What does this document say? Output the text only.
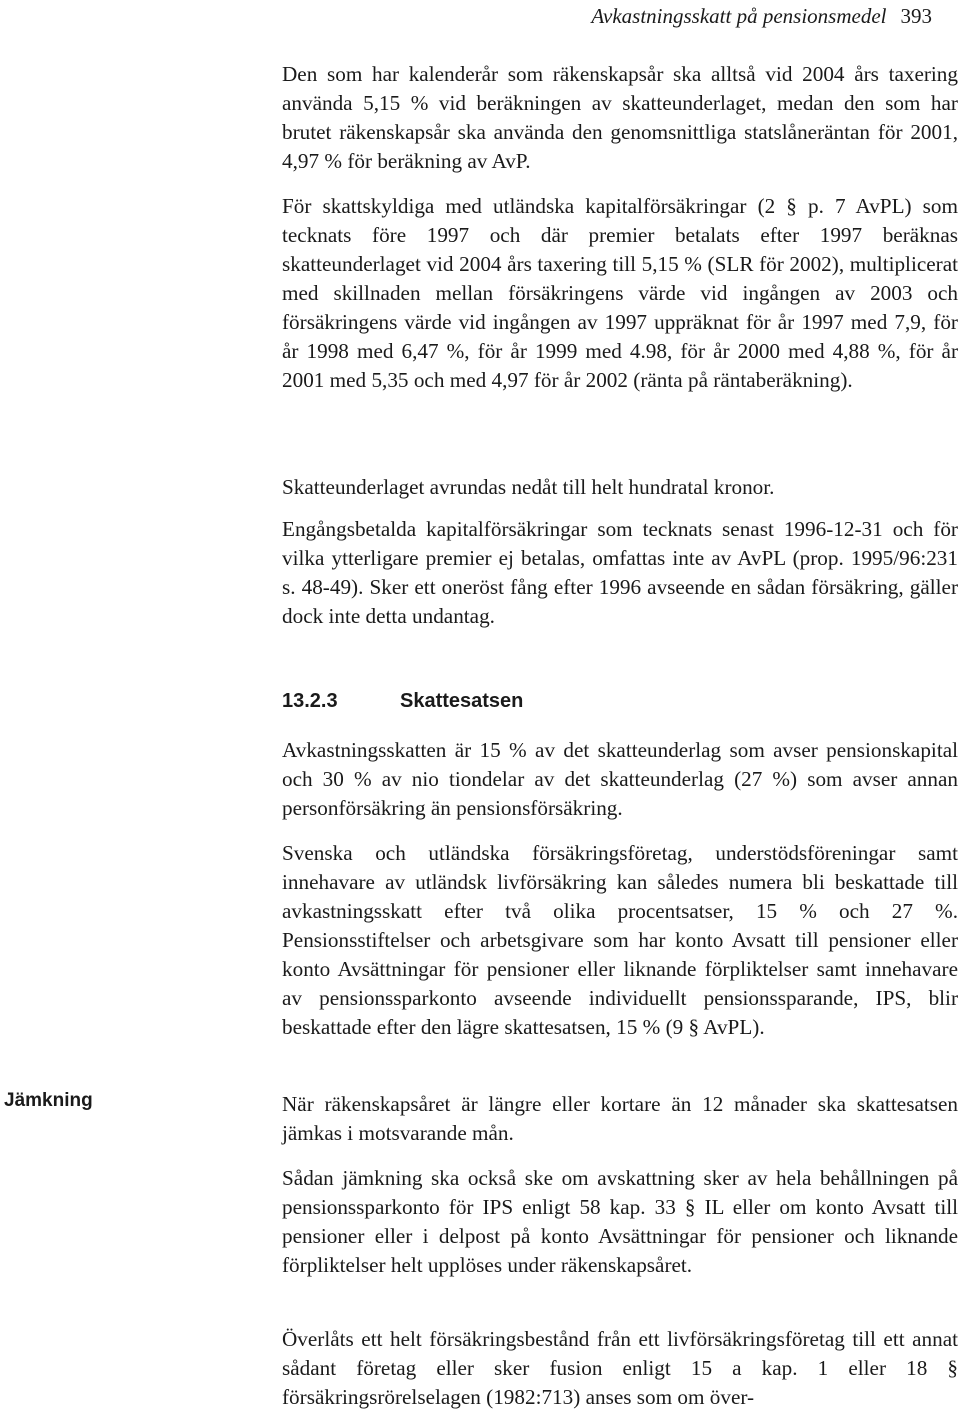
Avkastningsskatt på pensionsmedel 393

Den som har kalenderår som räkenskapsår ska alltså vid 2004 års taxering använda 5,15 % vid beräkningen av skatteunderlaget, medan den som har brutet räkenskapsår ska använda den genomsnittliga statslåneräntan för 2001, 4,97 % för beräkning av AvP.

För skattskyldiga med utländska kapitalförsäkringar (2 § p. 7 AvPL) som tecknats före 1997 och där premier betalats efter 1997 beräknas skatteunderlaget vid 2004 års taxering till 5,15 % (SLR för 2002), multiplicerat med skillnaden mellan försäkringens värde vid ingången av 2003 och försäkringens värde vid ingången av 1997 uppräknat för år 1997 med 7,9, för år 1998 med 6,47 %, för år 1999 med 4.98, för år 2000 med 4,88 %, för år 2001 med 5,35 och med 4,97 för år 2002 (ränta på räntaberäkning).

Skatteunderlaget avrundas nedåt till helt hundratal kronor.

Engångsbetalda kapitalförsäkringar som tecknats senast 1996-12-31 och för vilka ytterligare premier ej betalas, omfattas inte av AvPL (prop. 1995/96:231 s. 48-49). Sker ett oneröst fång efter 1996 avseende en sådan försäkring, gäller dock inte detta undantag.

13.2.3	Skattesatsen

Avkastningsskatten är 15 % av det skatteunderlag som avser pensionskapital och 30 % av nio tiondelar av det skatteunderlag (27 %) som avser annan personförsäkring än pensionsförsäkring.

Svenska och utländska försäkringsföretag, understödsföreningar samt innehavare av utländsk livförsäkring kan således numera bli beskattade till avkastningsskatt efter två olika procentsatser, 15 % och 27 %. Pensionsstiftelser och arbetsgivare som har konto Avsatt till pensioner eller konto Avsättningar för pensioner eller liknande förpliktelser samt innehavare av pensionssparkonto avseende individuellt pensionssparande, IPS, blir beskattade efter den lägre skattesatsen, 15 % (9 § AvPL).

Jämkning	När räkenskapsåret är längre eller kortare än 12 månader ska skattesatsen jämkas i motsvarande mån.

Sådan jämkning ska också ske om avskattning sker av hela behållningen på pensionssparkonto för IPS enligt 58 kap. 33 § IL eller om konto Avsatt till pensioner eller i delpost på konto Avsättningar för pensioner och liknande förpliktelser helt upplöses under räkenskapsåret.

Överlåts ett helt försäkringsbestånd från ett livförsäkringsföretag till ett annat sådant företag eller sker fusion enligt 15 a kap. 1 eller 18 § försäkringsrörelselagen (1982:713) anses som om över-
